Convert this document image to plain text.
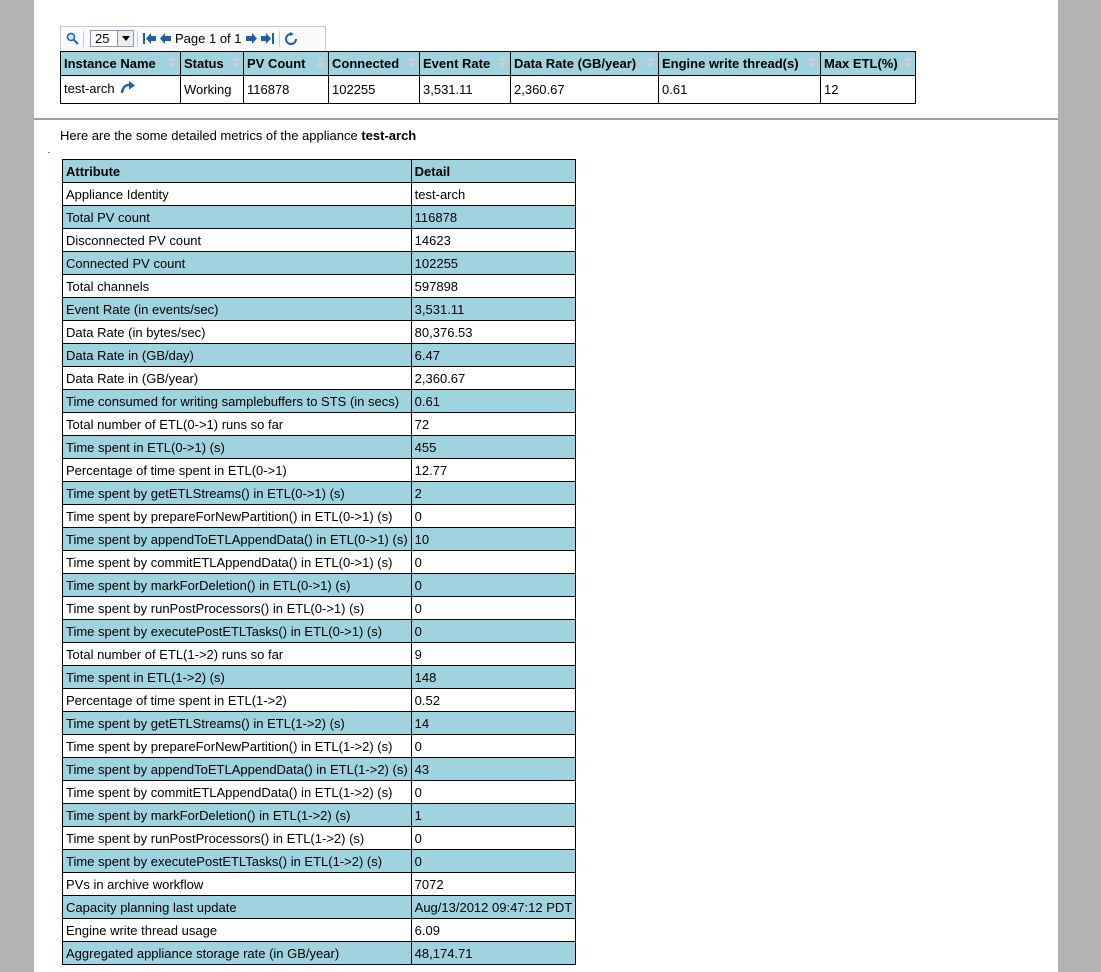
25	Page 1 of 1
Instance Name	Status	PV Count	Connected	Event Rate	Data Rate (GB/year)	Engine write thread(s)	Max ETL(%)

test-arch	Working	116878	102255	3,531.11	2,360.67	0.61	12
Here are the some detailed metrics of the appliance test-arch
Attribute	Detail
Appliance Identity	test-arch
Total PV count	116878
Disconnected PV count	14623
Connected PV count	102255
Total channels	597898
Event Rate (in events/sec)	3,531.11
Data Rate (in bytes/sec)	80,376.53
Data Rate in (GB/day)	6.47
Data Rate in (GB/year)	2,360.67
Time consumed for writing samplebuffers to STS (in secs)	0.61
Total number of ETL(0->1) runs so far	72
Time spent in ETL(0->1) (s)	455
Percentage of time spent in ETL(0->1)	12.77
Time spent by getETLStreams() in ETL(0->1) (s)	2
Time spent by prepareForNewPartition() in ETL(0->1) (s)	0
Time spent by appendToETLAppendData() in ETL(0->1) (s)	10
Time spent by commitETLAppendData() in ETL(0->1) (s)	0
Time spent by markForDeletion() in ETL(0->1) (s)	0
Time spent by runPostProcessors() in ETL(0->1) (s)	0
Time spent by executePostETLTasks() in ETL(0->1) (s)	0
Total number of ETL(1->2) runs so far	9
Time spent in ETL(1->2) (s)	148
Percentage of time spent in ETL(1->2)	0.52
Time spent by getETLStreams() in ETL(1->2) (s)	14
Time spent by prepareForNewPartition() in ETL(1->2) (s)	0
Time spent by appendToETLAppendData() in ETL(1->2) (s)	43
Time spent by commitETLAppendData() in ETL(1->2) (s)	0
Time spent by markForDeletion() in ETL(1->2) (s)	1
Time spent by runPostProcessors() in ETL(1->2) (s)	0
Time spent by executePostETLTasks() in ETL(1->2) (s)	0
PVs in archive workflow	7072
Capacity planning last update	Aug/13/2012 09:47:12 PDT
Engine write thread usage	6.09
Aggregated appliance storage rate (in GB/year)	48,174.71
